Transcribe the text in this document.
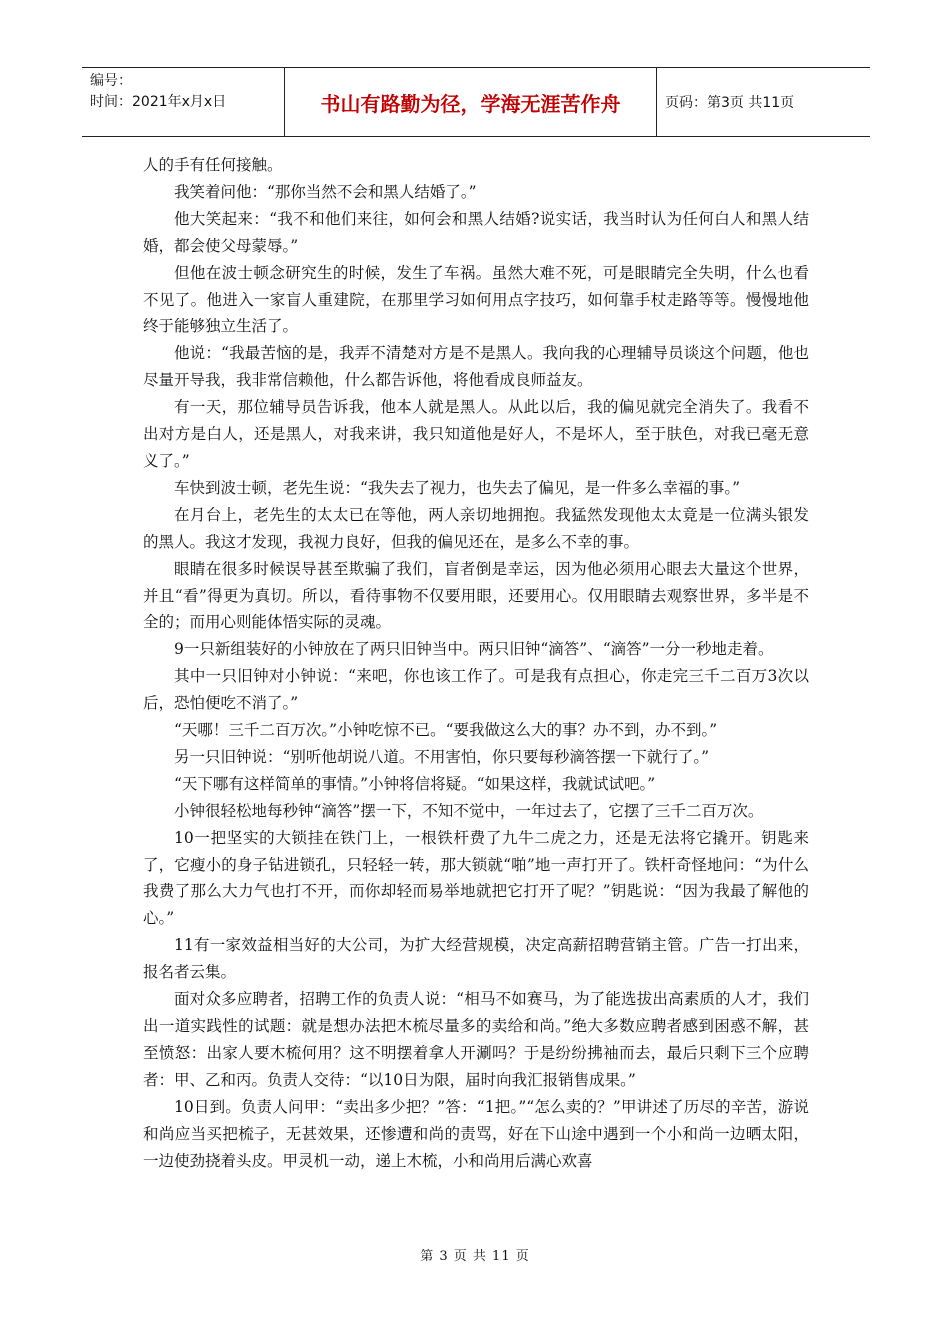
编号：
时间：2021年x月x日	书山有路勤为径，学海无涯苦作舟	页码：第3页 共11页

人的手有任何接触。

我笑着问他：“那你当然不会和黑人结婚了。”

他大笑起来：“我不和他们来往，如何会和黑人结婚?说实话，我当时认为任何白人和黑人结婚，都会使父母蒙辱。”

但他在波士顿念研究生的时候，发生了车祸。虽然大难不死，可是眼睛完全失明，什么也看不见了。他进入一家盲人重建院，在那里学习如何用点字技巧，如何靠手杖走路等等。慢慢地他终于能够独立生活了。

他说：“我最苦恼的是，我弄不清楚对方是不是黑人。我向我的心理辅导员谈这个问题，他也尽量开导我，我非常信赖他，什么都告诉他，将他看成良师益友。

有一天，那位辅导员告诉我，他本人就是黑人。从此以后，我的偏见就完全消失了。我看不出对方是白人，还是黑人，对我来讲，我只知道他是好人，不是坏人，至于肤色，对我已毫无意义了。”

车快到波士顿，老先生说：“我失去了视力，也失去了偏见，是一件多么幸福的事。”

在月台上，老先生的太太已在等他，两人亲切地拥抱。我猛然发现他太太竟是一位满头银发的黑人。我这才发现，我视力良好，但我的偏见还在，是多么不幸的事。

眼睛在很多时候误导甚至欺骗了我们，盲者倒是幸运，因为他必须用心眼去大量这个世界，并且“看”得更为真切。所以，看待事物不仅要用眼，还要用心。仅用眼睛去观察世界，多半是不全的；而用心则能体悟实际的灵魂。

9一只新组装好的小钟放在了两只旧钟当中。两只旧钟“滴答”、“滴答”一分一秒地走着。

其中一只旧钟对小钟说：“来吧，你也该工作了。可是我有点担心，你走完三千二百万3次以后，恐怕便吃不消了。”

“天哪！三千二百万次。”小钟吃惊不已。“要我做这么大的事？办不到，办不到。”

另一只旧钟说：“别听他胡说八道。不用害怕，你只要每秒滴答摆一下就行了。”

“天下哪有这样简单的事情。”小钟将信将疑。“如果这样，我就试试吧。”

小钟很轻松地每秒钟“滴答”摆一下，不知不觉中，一年过去了，它摆了三千二百万次。

10一把坚实的大锁挂在铁门上，一根铁杆费了九牛二虎之力，还是无法将它撬开。钥匙来了，它瘦小的身子钻进锁孔，只轻轻一转，那大锁就“啪”地一声打开了。铁杆奇怪地问：“为什么我费了那么大力气也打不开，而你却轻而易举地就把它打开了呢？”钥匙说：“因为我最了解他的心。”

11有一家效益相当好的大公司，为扩大经营规模，决定高薪招聘营销主管。广告一打出来，报名者云集。

面对众多应聘者，招聘工作的负责人说：“相马不如赛马，为了能选拔出高素质的人才，我们出一道实践性的试题：就是想办法把木梳尽量多的卖给和尚。”绝大多数应聘者感到困惑不解，甚至愤怒：出家人要木梳何用？这不明摆着拿人开涮吗？于是纷纷拂袖而去，最后只剩下三个应聘者：甲、乙和丙。负责人交待：“以10日为限，届时向我汇报销售成果。”

10日到。负责人问甲：“卖出多少把？”答：“1把。”“怎么卖的？”甲讲述了历尽的辛苦，游说和尚应当买把梳子，无甚效果，还惨遭和尚的责骂，好在下山途中遇到一个小和尚一边晒太阳，一边使劲挠着头皮。甲灵机一动，递上木梳，小和尚用后满心欢喜

第 3 页 共 11 页
